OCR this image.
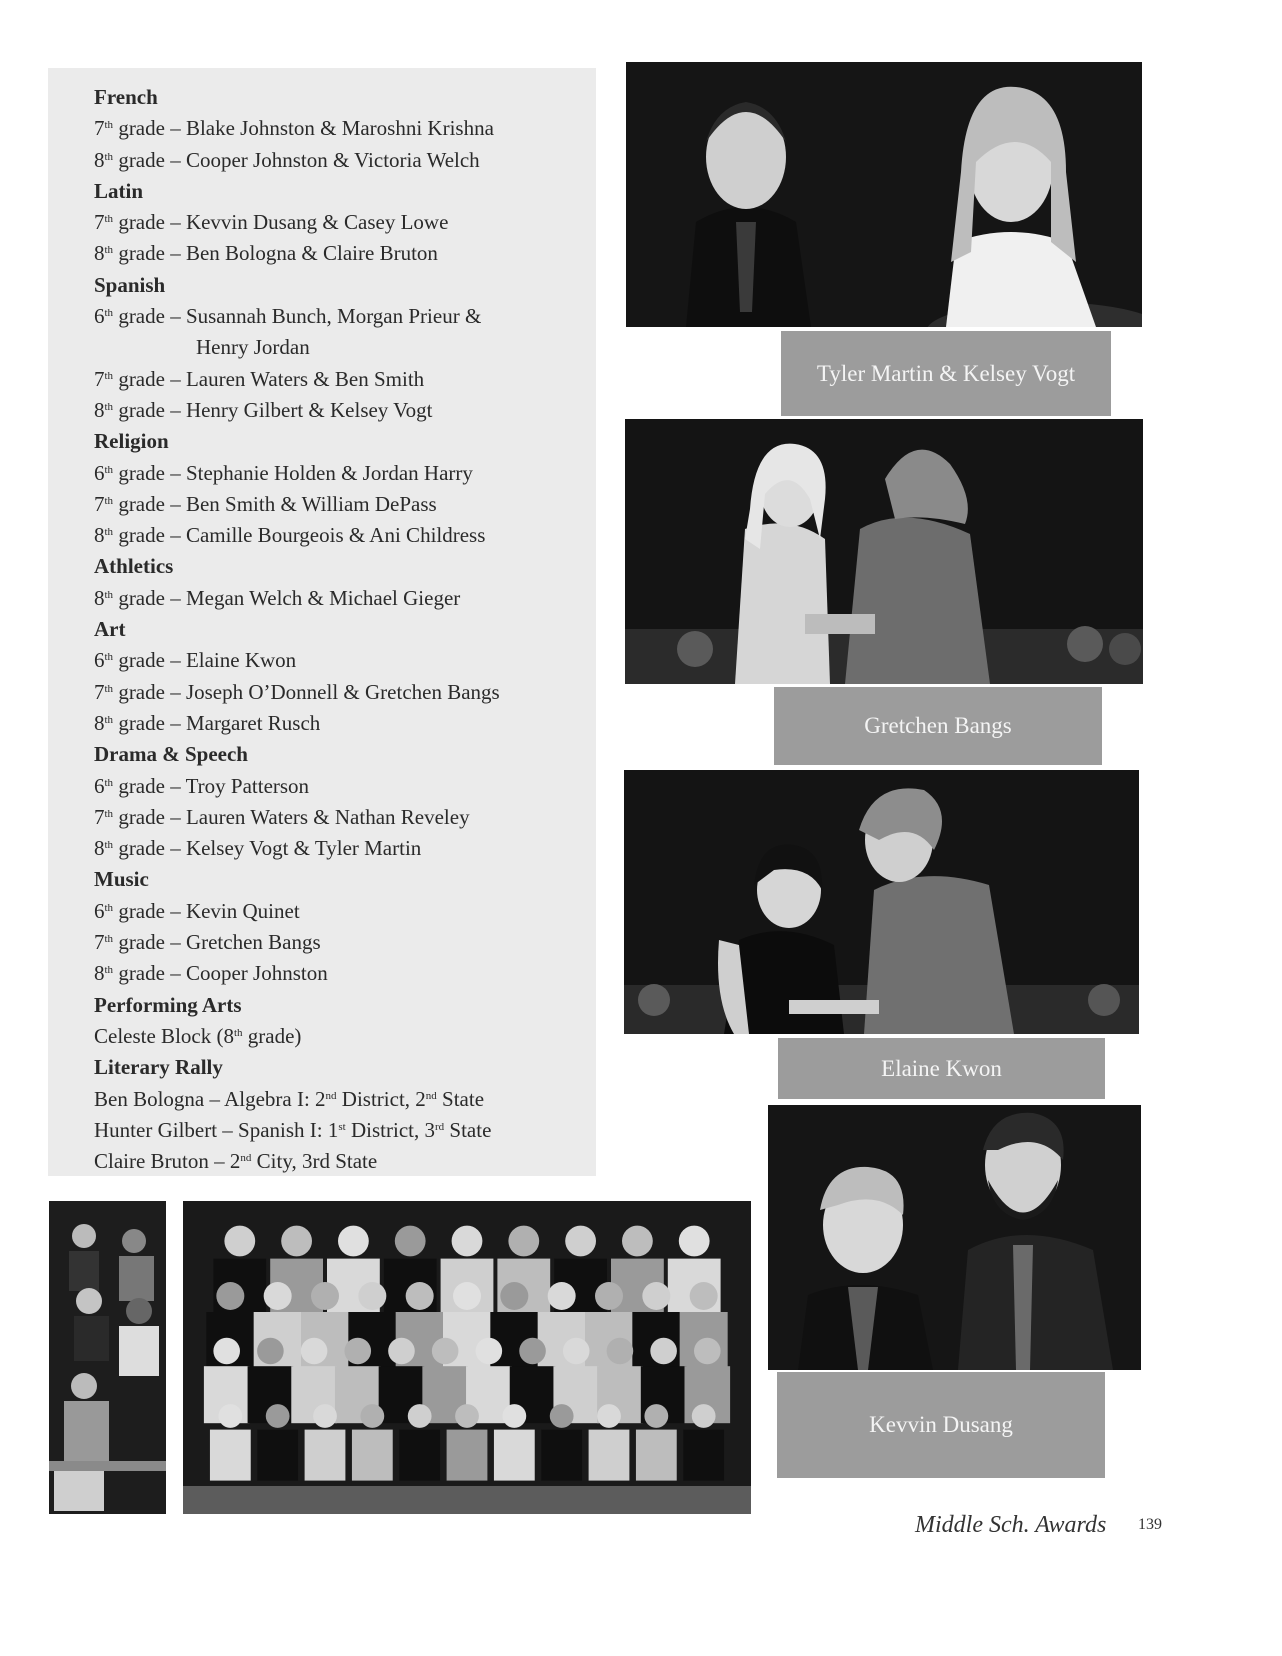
French
7th grade – Blake Johnston & Maroshni Krishna
8th grade – Cooper Johnston & Victoria Welch
Latin
7th grade – Kevvin Dusang & Casey Lowe
8th grade – Ben Bologna & Claire Bruton
Spanish
6th grade – Susannah Bunch, Morgan Prieur &
Henry Jordan
7th grade – Lauren Waters & Ben Smith
8th grade – Henry Gilbert & Kelsey Vogt
Religion
6th grade – Stephanie Holden & Jordan Harry
7th grade – Ben Smith & William DePass
8th grade – Camille Bourgeois & Ani Childress
Athletics
8th grade – Megan Welch & Michael Gieger
Art
6th grade – Elaine Kwon
7th grade – Joseph O’Donnell & Gretchen Bangs
8th grade – Margaret Rusch
Drama & Speech
6th grade – Troy Patterson
7th grade – Lauren Waters & Nathan Reveley
8th grade – Kelsey Vogt & Tyler Martin
Music
6th grade – Kevin Quinet
7th grade – Gretchen Bangs
8th grade – Cooper Johnston
Performing Arts
Celeste Block (8th grade)
Literary Rally
Ben Bologna – Algebra I: 2nd District, 2nd State
Hunter Gilbert – Spanish I: 1st District, 3rd State
Claire Bruton – 2nd City, 3rd State
Tyler Martin & Kelsey Vogt
Gretchen Bangs
Elaine Kwon
Kevvin Dusang
Middle Sch. Awards 139
